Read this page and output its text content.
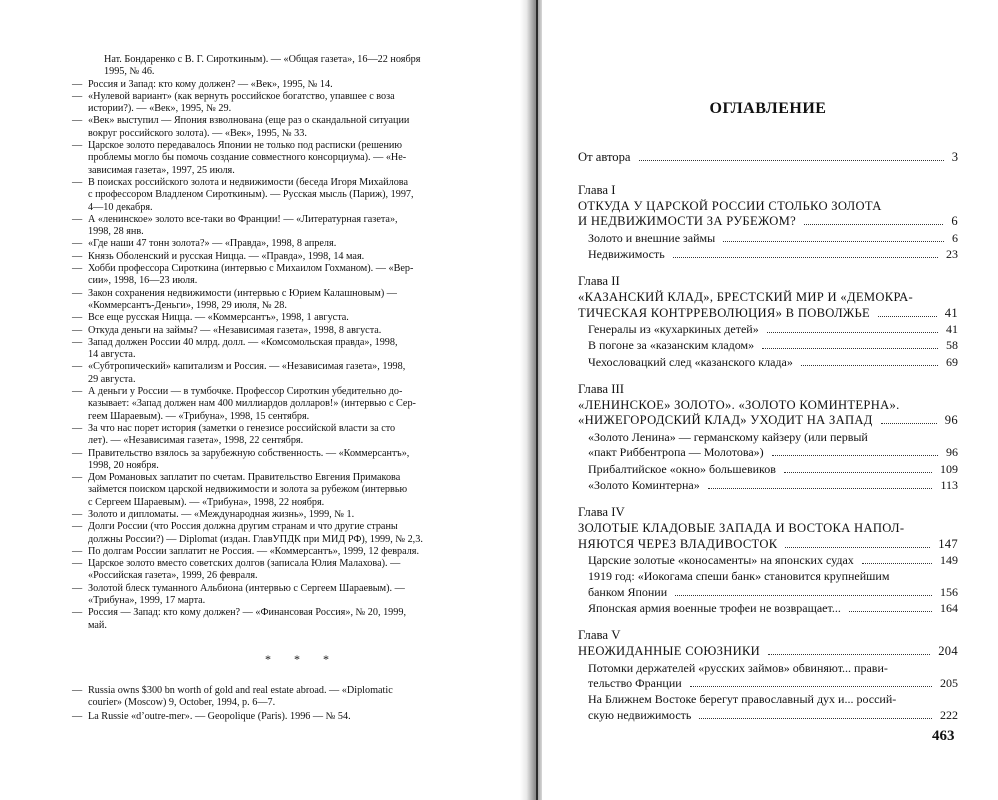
Нат. Бондаренко с В. Г. Сироткиным). — «Общая газета», 16—22 ноября
1995, № 46.
— Россия и Запад: кто кому должен? — «Век», 1995, № 14.
— «Нулевой вариант» (как вернуть российское богатство, упавшее с воза
истории?). — «Век», 1995, № 29.
— «Век» выступил — Япония взволнована (еще раз о скандальной ситуации
вокруг российского золота). — «Век», 1995, № 33.
— Царское золото передавалось Японии не только под расписки (решению
проблемы могло бы помочь создание совместного консорциума). — «Не-
зависимая газета», 1997, 25 июля.
— В поисках российского золота и недвижимости (беседа Игоря Михайлова
с профессором Владленом Сироткиным). — Русская мысль (Париж), 1997,
4—10 декабря.
— А «ленинское» золото все-таки во Франции! — «Литературная газета»,
1998, 28 янв.
— «Где наши 47 тонн золота?» — «Правда», 1998, 8 апреля.
— Князь Оболенский и русская Ницца. — «Правда», 1998, 14 мая.
— Хобби профессора Сироткина (интервью с Михаилом Гохманом). — «Вер-
сии», 1998, 16—23 июля.
— Закон сохранения недвижимости (интервью с Юрием Калашновым) —
«Коммерсантъ-Деньги», 1998, 29 июля, № 28.
— Все еще русская Ницца. — «Коммерсантъ», 1998, 1 августа.
— Откуда деньги на займы? — «Независимая газета», 1998, 8 августа.
— Запад должен России 40 млрд. долл. — «Комсомольская правда», 1998,
14 августа.
— «Субтропический» капитализм и Россия. — «Независимая газета», 1998,
29 августа.
— А деньги у России — в тумбочке. Профессор Сироткин убедительно до-
казывает: «Запад должен нам 400 миллиардов долларов!» (интервью с Сер-
геем Шараевым). — «Трибуна», 1998, 15 сентября.
— За что нас порет история (заметки о генезисе российской власти за сто
лет). — «Независимая газета», 1998, 22 сентября.
— Правительство взялось за зарубежную собственность. — «Коммерсантъ»,
1998, 20 ноября.
— Дом Романовых заплатит по счетам. Правительство Евгения Примакова
займется поиском царской недвижимости и золота за рубежом (интервью
с Сергеем Шараевым). — «Трибуна», 1998, 22 ноября.
— Золото и дипломаты. — «Международная жизнь», 1999, № 1.
— Долги России (что Россия должна другим странам и что другие страны
должны России?) — Diplomat (издан. ГлавУПДК при МИД РФ), 1999, № 2,3.
— По долгам России заплатит не Россия. — «Коммерсантъ», 1999, 12 февраля.
— Царское золото вместо советских долгов (записала Юлия Малахова). —
«Российская газета», 1999, 26 февраля.
— Золотой блеск туманного Альбиона (интервью с Сергеем Шараевым). —
«Трибуна», 1999, 17 марта.
— Россия — Запад: кто кому должен? — «Финансовая Россия», № 20, 1999,
май.
* * *
— Russia owns $300 bn worth of gold and real estate abroad. — «Diplomatic
courier» (Moscow) 9, October, 1994, p. 6—7.
— La Russie «d’outre-mer». — Geopolique (Paris). 1996 — № 54.
ОГЛАВЛЕНИЕ
От автора	3
Глава I
ОТКУДА У ЦАРСКОЙ РОССИИ СТОЛЬКО ЗОЛОТА
И НЕДВИЖИМОСТИ ЗА РУБЕЖОМ?	6
Золото и внешние займы	6
Недвижимость	23
Глава II
«КАЗАНСКИЙ КЛАД», БРЕСТСКИЙ МИР И «ДЕМОКРА-
ТИЧЕСКАЯ КОНТРРЕВОЛЮЦИЯ» В ПОВОЛЖЬЕ	41
Генералы из «кухаркиных детей»	41
В погоне за «казанским кладом»	58
Чехословацкий след «казанского клада»	69
Глава III
«ЛЕНИНСКОЕ» ЗОЛОТО». «ЗОЛОТО КОМИНТЕРНА».
«НИЖЕГОРОДСКИЙ КЛАД» УХОДИТ НА ЗАПАД	96
«Золото Ленина» — германскому кайзеру (или первый
«пакт Риббентропа — Молотова»)	96
Прибалтийское «окно» большевиков	109
«Золото Коминтерна»	113
Глава IV
ЗОЛОТЫЕ КЛАДОВЫЕ ЗАПАДА И ВОСТОКА НАПОЛ-
НЯЮТСЯ ЧЕРЕЗ ВЛАДИВОСТОК	147
Царские золотые «коносаменты» на японских судах	149
1919 год: «Иокогама спеши банк» становится крупнейшим
банком Японии	156
Японская армия военные трофеи не возвращает...	164
Глава V
НЕОЖИДАННЫЕ СОЮЗНИКИ	204
Потомки держателей «русских займов» обвиняют... прави-
тельство Франции	205
На Ближнем Востоке берегут православный дух и... россий-
скую недвижимость	222
463
